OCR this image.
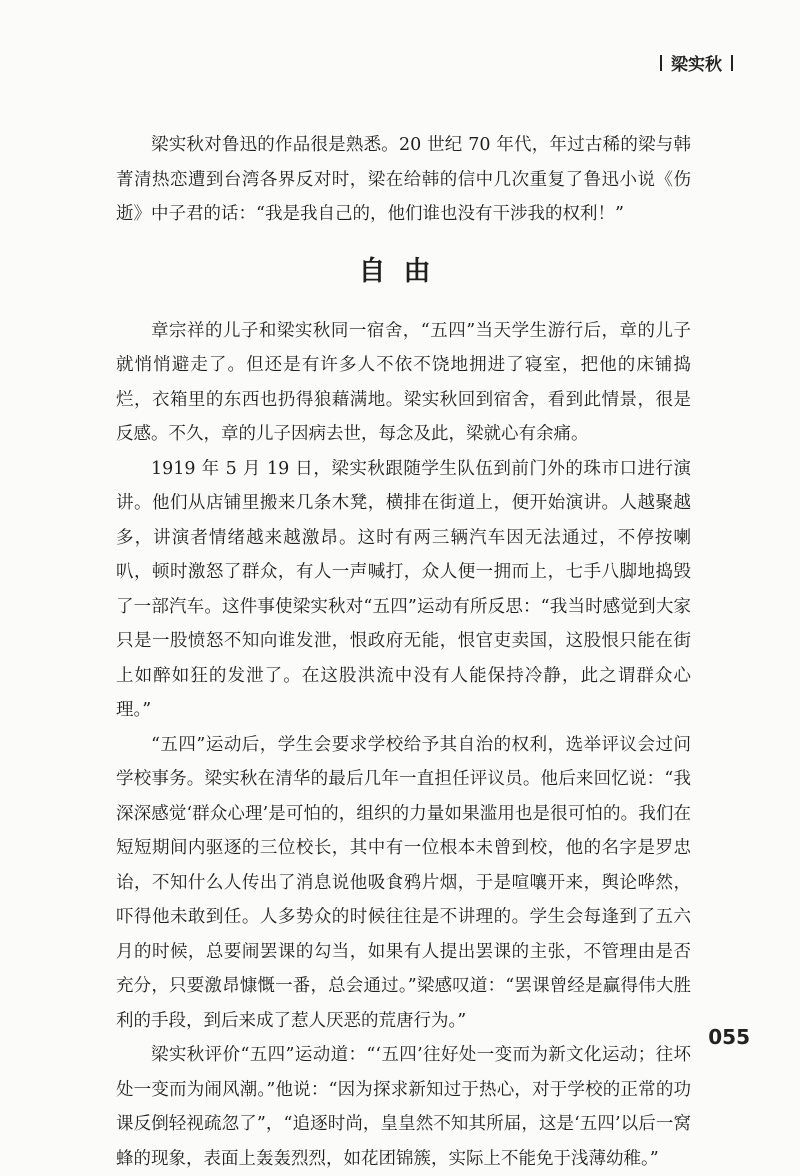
梁实秋

梁实秋对鲁迅的作品很是熟悉。20 世纪 70 年代，年过古稀的梁与韩菁清热恋遭到台湾各界反对时，梁在给韩的信中几次重复了鲁迅小说《伤逝》中子君的话：“我是我自己的，他们谁也没有干涉我的权利！”

自由

章宗祥的儿子和梁实秋同一宿舍，“五四”当天学生游行后，章的儿子就悄悄避走了。但还是有许多人不依不饶地拥进了寝室，把他的床铺捣烂，衣箱里的东西也扔得狼藉满地。梁实秋回到宿舍，看到此情景，很是反感。不久，章的儿子因病去世，每念及此，梁就心有余痛。

1919 年 5 月 19 日，梁实秋跟随学生队伍到前门外的珠市口进行演讲。他们从店铺里搬来几条木凳，横排在街道上，便开始演讲。人越聚越多，讲演者情绪越来越激昂。这时有两三辆汽车因无法通过，不停按喇叭，顿时激怒了群众，有人一声喊打，众人便一拥而上，七手八脚地捣毁了一部汽车。这件事使梁实秋对“五四”运动有所反思：“我当时感觉到大家只是一股愤怒不知向谁发泄，恨政府无能，恨官吏卖国，这股恨只能在街上如醉如狂的发泄了。在这股洪流中没有人能保持冷静，此之谓群众心理。”

“五四”运动后，学生会要求学校给予其自治的权利，选举评议会过问学校事务。梁实秋在清华的最后几年一直担任评议员。他后来回忆说：“我深深感觉‘群众心理’是可怕的，组织的力量如果滥用也是很可怕的。我们在短短期间内驱逐的三位校长，其中有一位根本未曾到校，他的名字是罗忠诒，不知什么人传出了消息说他吸食鸦片烟，于是喧嚷开来，舆论哗然，吓得他未敢到任。人多势众的时候往往是不讲理的。学生会每逢到了五六月的时候，总要闹罢课的勾当，如果有人提出罢课的主张，不管理由是否充分，只要激昂慷慨一番，总会通过。”梁感叹道：“罢课曾经是赢得伟大胜利的手段，到后来成了惹人厌恶的荒唐行为。”

梁实秋评价“五四”运动道：“‘五四’往好处一变而为新文化运动；往坏处一变而为闹风潮。”他说：“因为探求新知过于热心，对于学校的正常的功课反倒轻视疏忽了”，“追逐时尚，皇皇然不知其所届，这是‘五四’以后一窝蜂的现象，表面上轰轰烈烈，如花团锦簇，实际上不能免于浅薄幼稚。”

055
